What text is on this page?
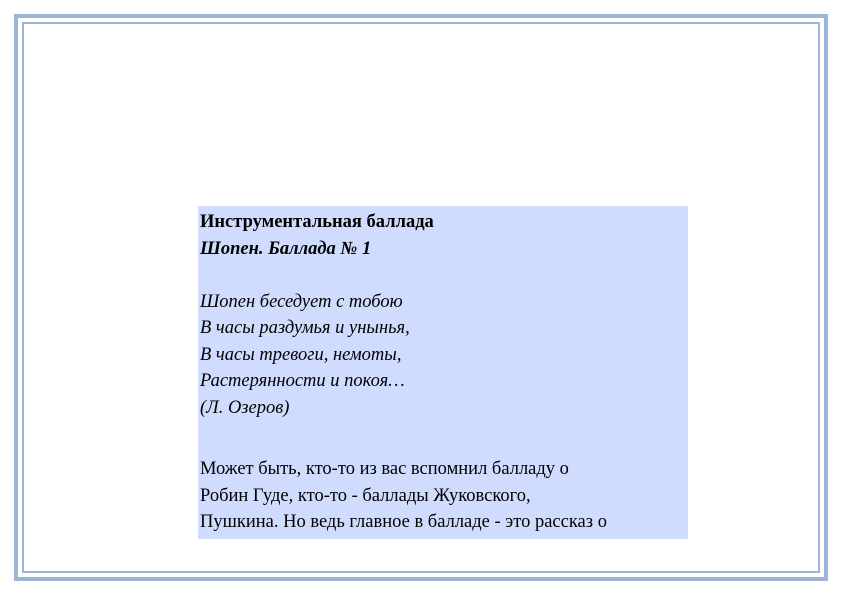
Инструментальная баллада
Шопен. Баллада № 1
Шопен беседует с тобою
В часы раздумья и унынья,
В часы тревоги, немоты,
Растерянности и покоя…
(Л. Озеров)
Может быть, кто-то из вас вспомнил балладу о
Робин Гуде, кто-то - баллады Жуковского,
Пушкина. Но ведь главное в балладе - это рассказ о
